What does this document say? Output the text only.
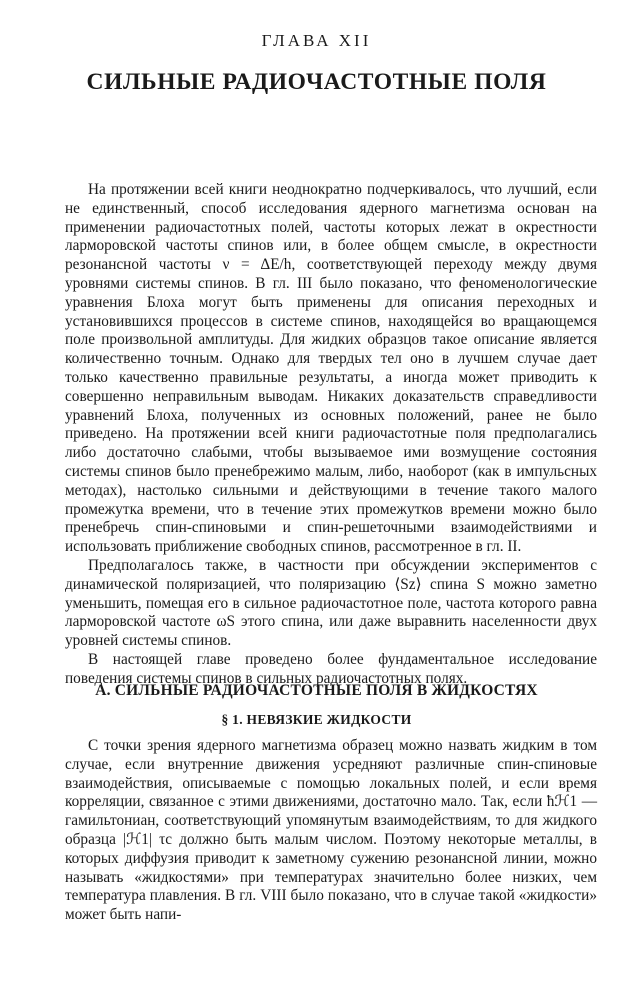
ГЛАВА XII
СИЛЬНЫЕ РАДИОЧАСТОТНЫЕ ПОЛЯ

На протяжении всей книги неоднократно подчеркивалось, что лучший, если не единственный, способ исследования ядерного магнетизма основан на применении радиочастотных полей, частоты которых лежат в окрестности ларморовской частоты спинов или, в более общем смысле, в окрестности резонансной частоты ν = ΔE/h, соответствующей переходу между двумя уровнями системы спинов. В гл. III было показано, что феноменологические уравнения Блоха могут быть применены для описания переходных и установившихся процессов в системе спинов, находящейся во вращающемся поле произвольной амплитуды. Для жидких образцов такое описание является количественно точным. Однако для твердых тел оно в лучшем случае дает только качественно правильные результаты, а иногда может приводить к совершенно неправильным выводам. Никаких доказательств справедливости уравнений Блоха, полученных из основных положений, ранее не было приведено. На протяжении всей книги радиочастотные поля предполагались либо достаточно слабыми, чтобы вызываемое ими возмущение состояния системы спинов было пренебрежимо малым, либо, наоборот (как в импульсных методах), настолько сильными и действующими в течение такого малого промежутка времени, что в течение этих промежутков времени можно было пренебречь спин-спиновыми и спин-решеточными взаимодействиями и использовать приближение свободных спинов, рассмотренное в гл. II.

Предполагалось также, в частности при обсуждении экспериментов с динамической поляризацией, что поляризацию ⟨Sz⟩ спина S можно заметно уменьшить, помещая его в сильное радиочастотное поле, частота которого равна ларморовской частоте ωS этого спина, или даже выравнить населенности двух уровней системы спинов.

В настоящей главе проведено более фундаментальное исследование поведения системы спинов в сильных радиочастотных полях.

А. СИЛЬНЫЕ РАДИОЧАСТОТНЫЕ ПОЛЯ В ЖИДКОСТЯХ
§ 1. НЕВЯЗКИЕ ЖИДКОСТИ

С точки зрения ядерного магнетизма образец можно назвать жидким в том случае, если внутренние движения усредняют различные спин-спиновые взаимодействия, описываемые с помощью локальных полей, и если время корреляции, связанное с этими движениями, достаточно мало. Так, если ħℋ1 — гамильтониан, соответствующий упомянутым взаимодействиям, то для жидкого образца |ℋ1| τc должно быть малым числом. Поэтому некоторые металлы, в которых диффузия приводит к заметному сужению резонансной линии, можно называть «жидкостями» при температурах значительно более низких, чем температура плавления. В гл. VIII было показано, что в случае такой «жидкости» может быть напи-
